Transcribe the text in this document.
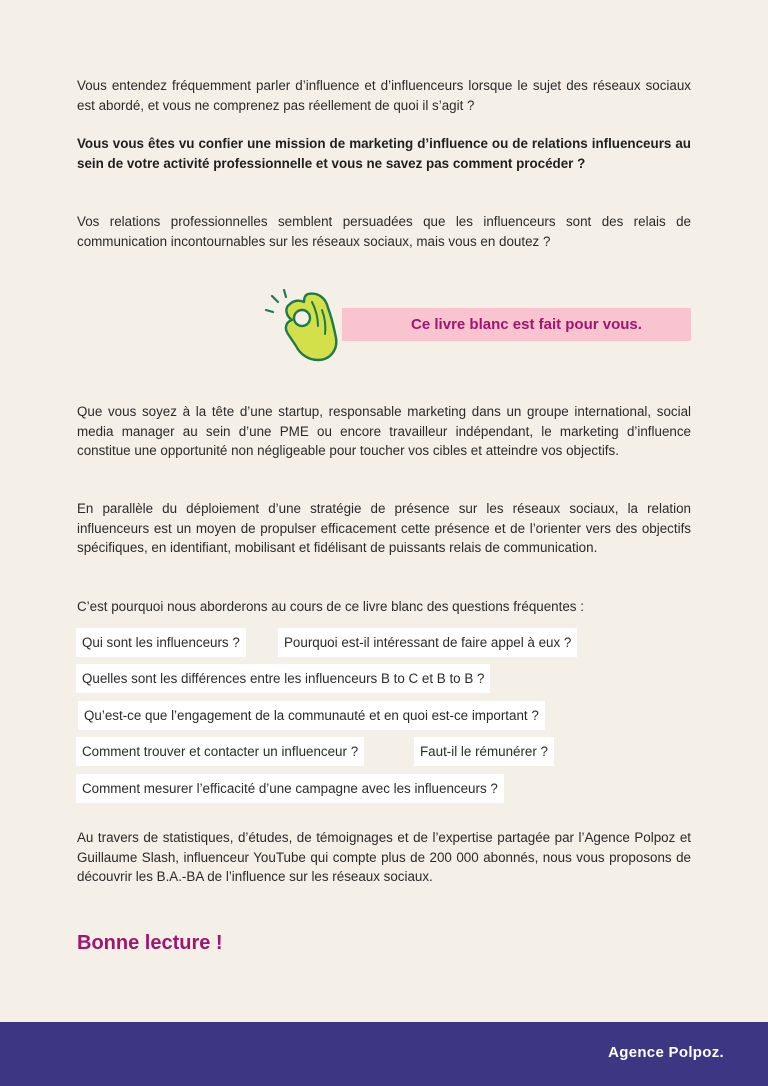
Vous entendez fréquemment parler d’influence et d’influenceurs lorsque le sujet des réseaux sociaux est abordé, et vous ne comprenez pas réellement de quoi il s’agit ?

Vous vous êtes vu confier une mission de marketing d’influence ou de relations influenceurs au sein de votre activité professionnelle et vous ne savez pas comment procéder ?

Vos relations professionnelles semblent persuadées que les influenceurs sont des relais de communication incontournables sur les réseaux sociaux, mais vous en doutez ?

Ce livre blanc est fait pour vous.

Que vous soyez à la tête d’une startup, responsable marketing dans un groupe international, social media manager au sein d’une PME ou encore travailleur indépendant, le marketing d’influence constitue une opportunité non négligeable pour toucher vos cibles et atteindre vos objectifs.

En parallèle du déploiement d’une stratégie de présence sur les réseaux sociaux, la relation influenceurs est un moyen de propulser efficacement cette présence et de l’orienter vers des objectifs spécifiques, en identifiant, mobilisant et fidélisant de puissants relais de communication.

C’est pourquoi nous aborderons au cours de ce livre blanc des questions fréquentes :

Qui sont les influenceurs ?	Pourquoi est-il intéressant de faire appel à eux ?
Quelles sont les différences entre les influenceurs B to C et B to B ?
Qu’est-ce que l’engagement de la communauté et en quoi est-ce important ?
Comment trouver et contacter un influenceur ?	Faut-il le rémunérer ?
Comment mesurer l’efficacité d’une campagne avec les influenceurs ?

Au travers de statistiques, d’études, de témoignages et de l’expertise partagée par l’Agence Polpoz et Guillaume Slash, influenceur YouTube qui compte plus de 200 000 abonnés, nous vous proposons de découvrir les B.A.-BA de l’influence sur les réseaux sociaux.

Bonne lecture !

Agence Polpoz.
